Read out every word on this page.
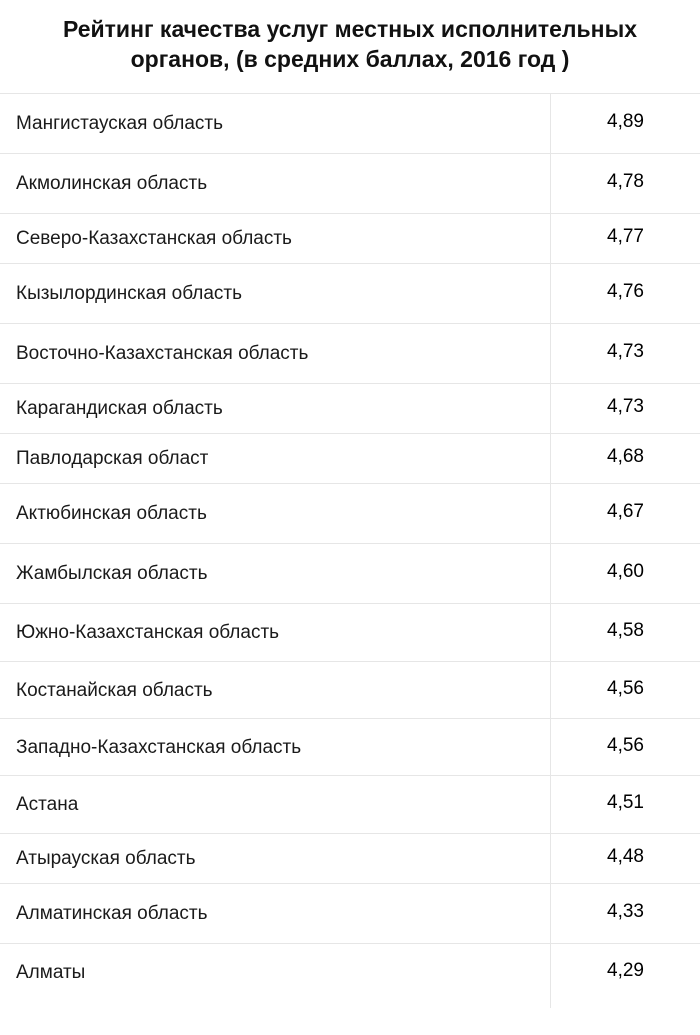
Рейтинг качества услуг местных исполнительных
органов, (в средних баллах, 2016 год )
Мангистауская область	4,89
Акмолинская область	4,78
Северо-Казахстанская область	4,77
Кызылординская область	4,76
Восточно-Казахстанская область	4,73
Карагандиская область	4,73
Павлодарская област	4,68
Актюбинская область	4,67
Жамбылская область	4,60
Южно-Казахстанская область	4,58
Костанайская область	4,56
Западно-Казахстанская область	4,56
Астана	4,51
Атырауская область	4,48
Алматинская область	4,33
Алматы	4,29
